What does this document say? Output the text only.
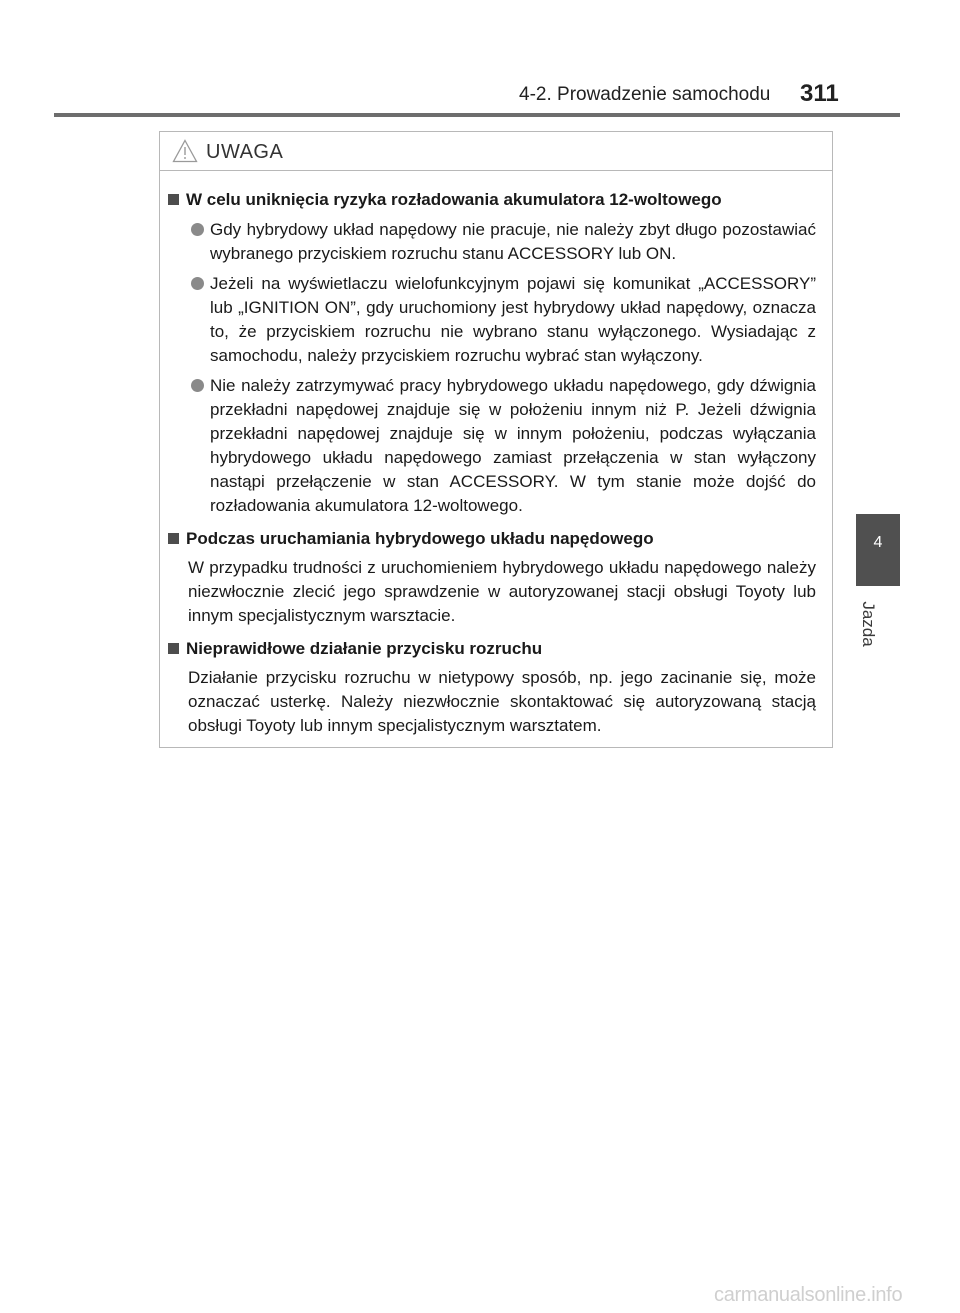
4-2. Prowadzenie samochodu 311
4
Jazda
UWAGA
W celu uniknięcia ryzyka rozładowania akumulatora 12-woltowego
Gdy hybrydowy układ napędowy nie pracuje, nie należy zbyt długo pozostawiać wybranego przyciskiem rozruchu stanu ACCESSORY lub ON.
Jeżeli na wyświetlaczu wielofunkcyjnym pojawi się komunikat „ACCESSORY” lub „IGNITION ON”, gdy uruchomiony jest hybrydowy układ napędowy, oznacza to, że przyciskiem rozruchu nie wybrano stanu wyłączonego. Wysiadając z samochodu, należy przyciskiem rozruchu wybrać stan wyłączony.
Nie należy zatrzymywać pracy hybrydowego układu napędowego, gdy dźwignia przekładni napędowej znajduje się w położeniu innym niż P. Jeżeli dźwignia przekładni napędowej znajduje się w innym położeniu, podczas wyłączania hybrydowego układu napędowego zamiast przełączenia w stan wyłączony nastąpi przełączenie w stan ACCESSORY. W tym stanie może dojść do rozładowania akumulatora 12-woltowego.
Podczas uruchamiania hybrydowego układu napędowego
W przypadku trudności z uruchomieniem hybrydowego układu napędowego należy niezwłocznie zlecić jego sprawdzenie w autoryzowanej stacji obsługi Toyoty lub innym specjalistycznym warsztacie.
Nieprawidłowe działanie przycisku rozruchu
Działanie przycisku rozruchu w nietypowy sposób, np. jego zacinanie się, może oznaczać usterkę. Należy niezwłocznie skontaktować się autoryzowaną stacją obsługi Toyoty lub innym specjalistycznym warsztatem.
carmanualsonline.info
